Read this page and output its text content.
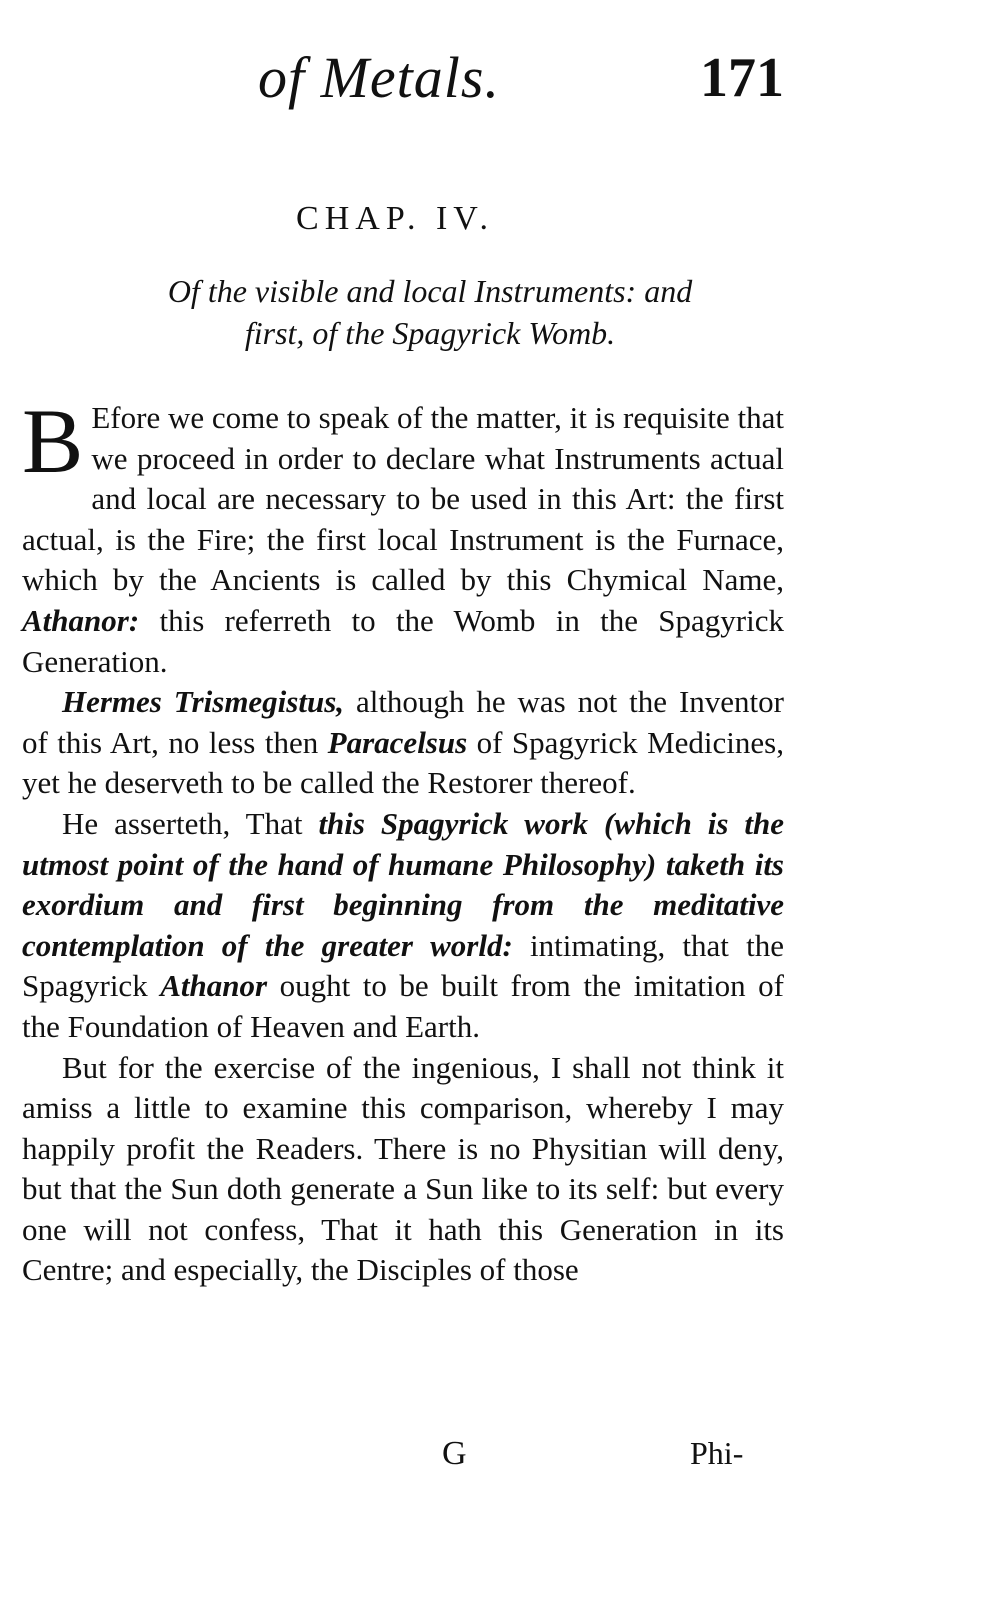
of Metals.	171
CHAP. IV.
Of the visible and local Instruments: and
first, of the Spagyrick Womb.

B Efore we come to speak of the matter, it is requisite that we proceed in order to declare what Instruments actual and local are necessary to be used in this Art: the first actual, is the Fire; the first local Instrument is the Furnace, which by the Ancients is called by this Chymical Name, Athanor: this referreth to the Womb in the Spagyrick Generation.

Hermes Trismegistus, although he was not the Inventor of this Art, no less then Paracelsus of Spagyrick Medicines, yet he deserveth to be called the Restorer thereof.

He asserteth, That this Spagyrick work (which is the utmost point of the hand of humane Philosophy) taketh its exordium and first beginning from the meditative contemplation of the greater world: intimating, that the Spagyrick Athanor ought to be built from the imitation of the Foundation of Heaven and Earth.

But for the exercise of the ingenious, I shall not think it amiss a little to examine this comparison, whereby I may happily profit the Readers. There is no Physitian will deny, but that the Sun doth generate a Sun like to its self: but every one will not confess, That it hath this Generation in its Centre; and especially, the Disciples of those

G	Phi-
